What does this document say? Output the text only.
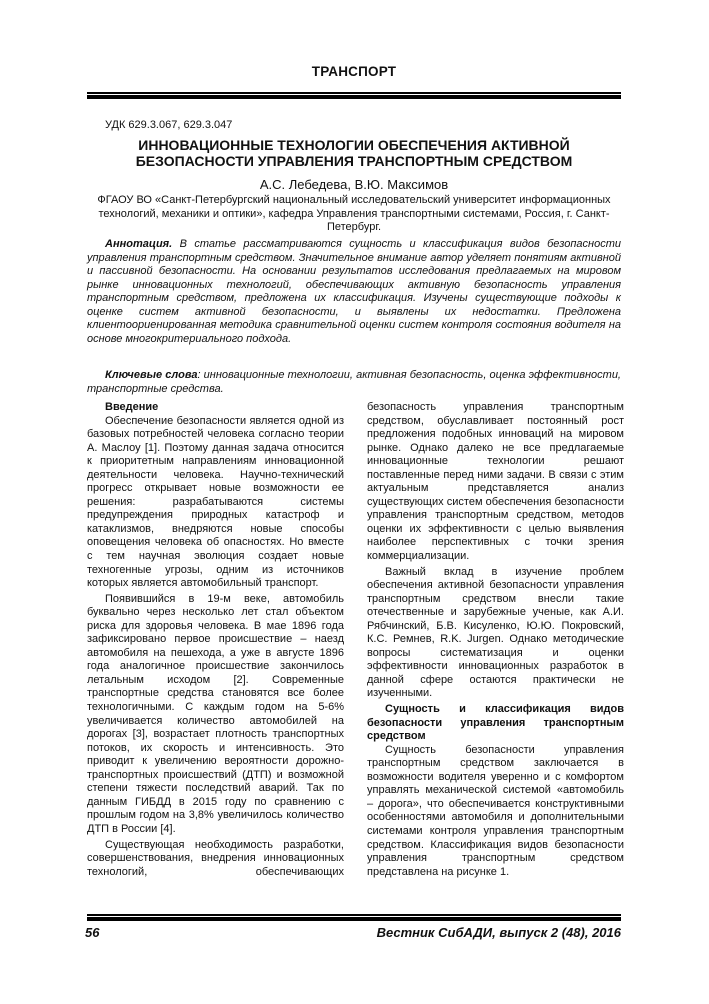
ТРАНСПОРТ
УДК 629.3.067, 629.3.047
ИННОВАЦИОННЫЕ ТЕХНОЛОГИИ ОБЕСПЕЧЕНИЯ АКТИВНОЙ
БЕЗОПАСНОСТИ УПРАВЛЕНИЯ ТРАНСПОРТНЫМ СРЕДСТВОМ
А.С. Лебедева, В.Ю. Максимов
ФГАОУ ВО «Санкт-Петербургский национальный исследовательский университет информационных технологий, механики и оптики», кафедра Управления транспортными системами, Россия, г. Санкт-Петербург.

Аннотация. В статье рассматриваются сущность и классификация видов безопасности управления транспортным средством. Значительное внимание автор уделяет понятиям активной и пассивной безопасности. На основании результатов исследования предлагаемых на мировом рынке инновационных технологий, обеспечивающих активную безопасность управления транспортным средством, предложена их классификация. Изучены существующие подходы к оценке систем активной безопасности, и выявлены их недостатки. Предложена клиентоориенированная методика сравнительной оценки систем контроля состояния водителя на основе многокритериального подхода.

Ключевые слова: инновационные технологии, активная безопасность, оценка эффективности, транспортные средства.

Введение

Обеспечение безопасности является одной из базовых потребностей человека согласно теории А. Маслоу [1]. Поэтому данная задача относится к приоритетным направлениям инновационной деятельности человека. Научно-технический прогресс открывает новые возможности ее решения: разрабатываются системы предупреждения природных катастроф и катаклизмов, внедряются новые способы оповещения человека об опасностях. Но вместе с тем научная эволюция создает новые техногенные угрозы, одним из источников которых является автомобильный транспорт.

Появившийся в 19-м веке, автомобиль буквально через несколько лет стал объектом риска для здоровья человека. В мае 1896 года зафиксировано первое происшествие – наезд автомобиля на пешехода, а уже в августе 1896 года аналогичное происшествие закончилось летальным исходом [2]. Современные транспортные средства становятся все более технологичными. С каждым годом на 5-6% увеличивается количество автомобилей на дорогах [3], возрастает плотность транспортных потоков, их скорость и интенсивность. Это приводит к увеличению вероятности дорожно-транспортных происшествий (ДТП) и возможной степени тяжести последствий аварий. Так по данным ГИБДД в 2015 году по сравнению с прошлым годом на 3,8% увеличилось количество ДТП в России [4].

Существующая необходимость разработки, совершенствования, внедрения инновационных технологий, обеспечивающих

безопасность управления транспортным средством, обуславливает постоянный рост предложения подобных инноваций на мировом рынке. Однако далеко не все предлагаемые инновационные технологии решают поставленные перед ними задачи. В связи с этим актуальным представляется анализ существующих систем обеспечения безопасности управления транспортным средством, методов оценки их эффективности с целью выявления наиболее перспективных с точки зрения коммерциализации.

Важный вклад в изучение проблем обеспечения активной безопасности управления транспортным средством внесли такие отечественные и зарубежные ученые, как А.И. Рябчинский, Б.В. Кисуленко, Ю.Ю. Покровский, К.С. Ремнев, R.K. Jurgen. Однако методические вопросы систематизация и оценки эффективности инновационных разработок в данной сфере остаются практически не изученными.

Сущность и классификация видов безопасности управления транспортным средством

Сущность безопасности управления транспортным средством заключается в возможности водителя уверенно и с комфортом управлять механической системой «автомобиль – дорога», что обеспечивается конструктивными особенностями автомобиля и дополнительными системами контроля управления транспортным средством. Классификация видов безопасности управления транспортным средством представлена на рисунке 1.

56	Вестник СибАДИ, выпуск 2 (48), 2016
